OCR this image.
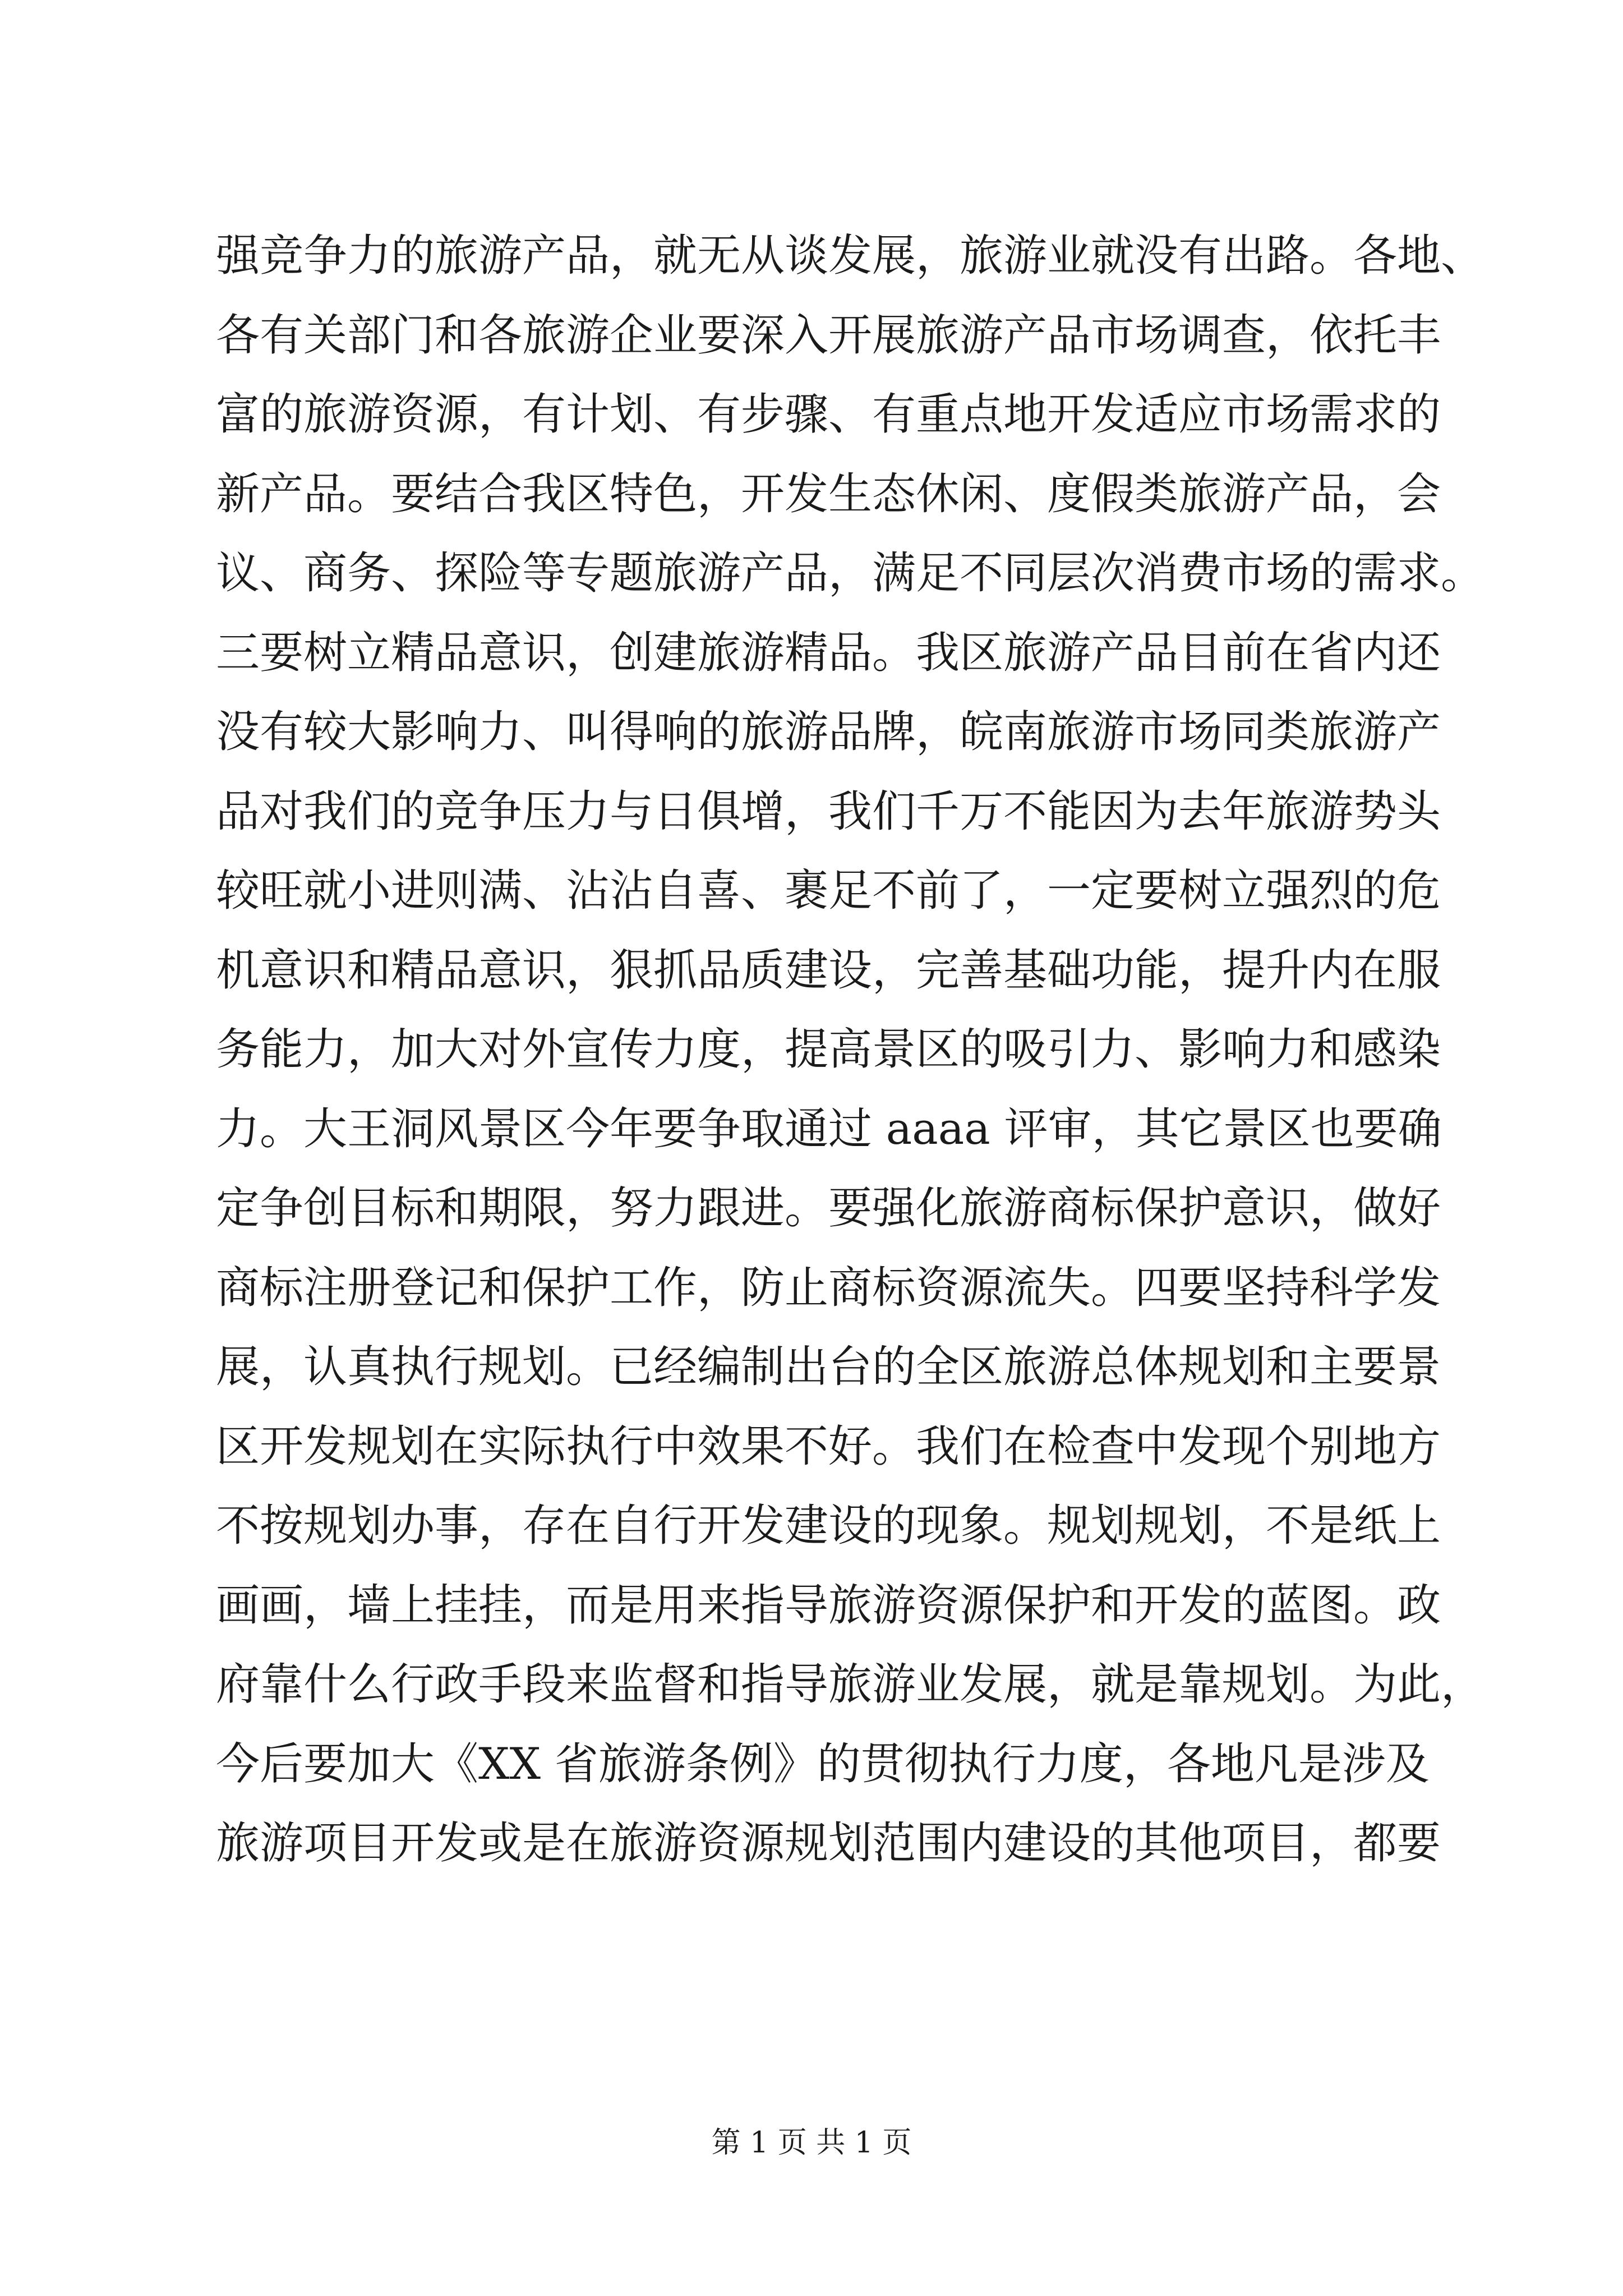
强竞争力的旅游产品，就无从谈发展，旅游业就没有出路。各地、
各有关部门和各旅游企业要深入开展旅游产品市场调查，依托丰
富的旅游资源，有计划、有步骤、有重点地开发适应市场需求的
新产品。要结合我区特色，开发生态休闲、度假类旅游产品，会
议、商务、探险等专题旅游产品，满足不同层次消费市场的需求。
三要树立精品意识，创建旅游精品。我区旅游产品目前在省内还
没有较大影响力、叫得响的旅游品牌，皖南旅游市场同类旅游产
品对我们的竞争压力与日俱增，我们千万不能因为去年旅游势头
较旺就小进则满、沾沾自喜、裹足不前了，一定要树立强烈的危
机意识和精品意识，狠抓品质建设，完善基础功能，提升内在服
务能力，加大对外宣传力度，提高景区的吸引力、影响力和感染
力。大王洞风景区今年要争取通过 aaaa 评审，其它景区也要确
定争创目标和期限，努力跟进。要强化旅游商标保护意识，做好
商标注册登记和保护工作，防止商标资源流失。四要坚持科学发
展，认真执行规划。已经编制出台的全区旅游总体规划和主要景
区开发规划在实际执行中效果不好。我们在检查中发现个别地方
不按规划办事，存在自行开发建设的现象。规划规划，不是纸上
画画，墙上挂挂，而是用来指导旅游资源保护和开发的蓝图。政
府靠什么行政手段来监督和指导旅游业发展，就是靠规划。为此，
今后要加大《XX 省旅游条例》的贯彻执行力度，各地凡是涉及
旅游项目开发或是在旅游资源规划范围内建设的其他项目，都要
第 1 页 共 1 页
